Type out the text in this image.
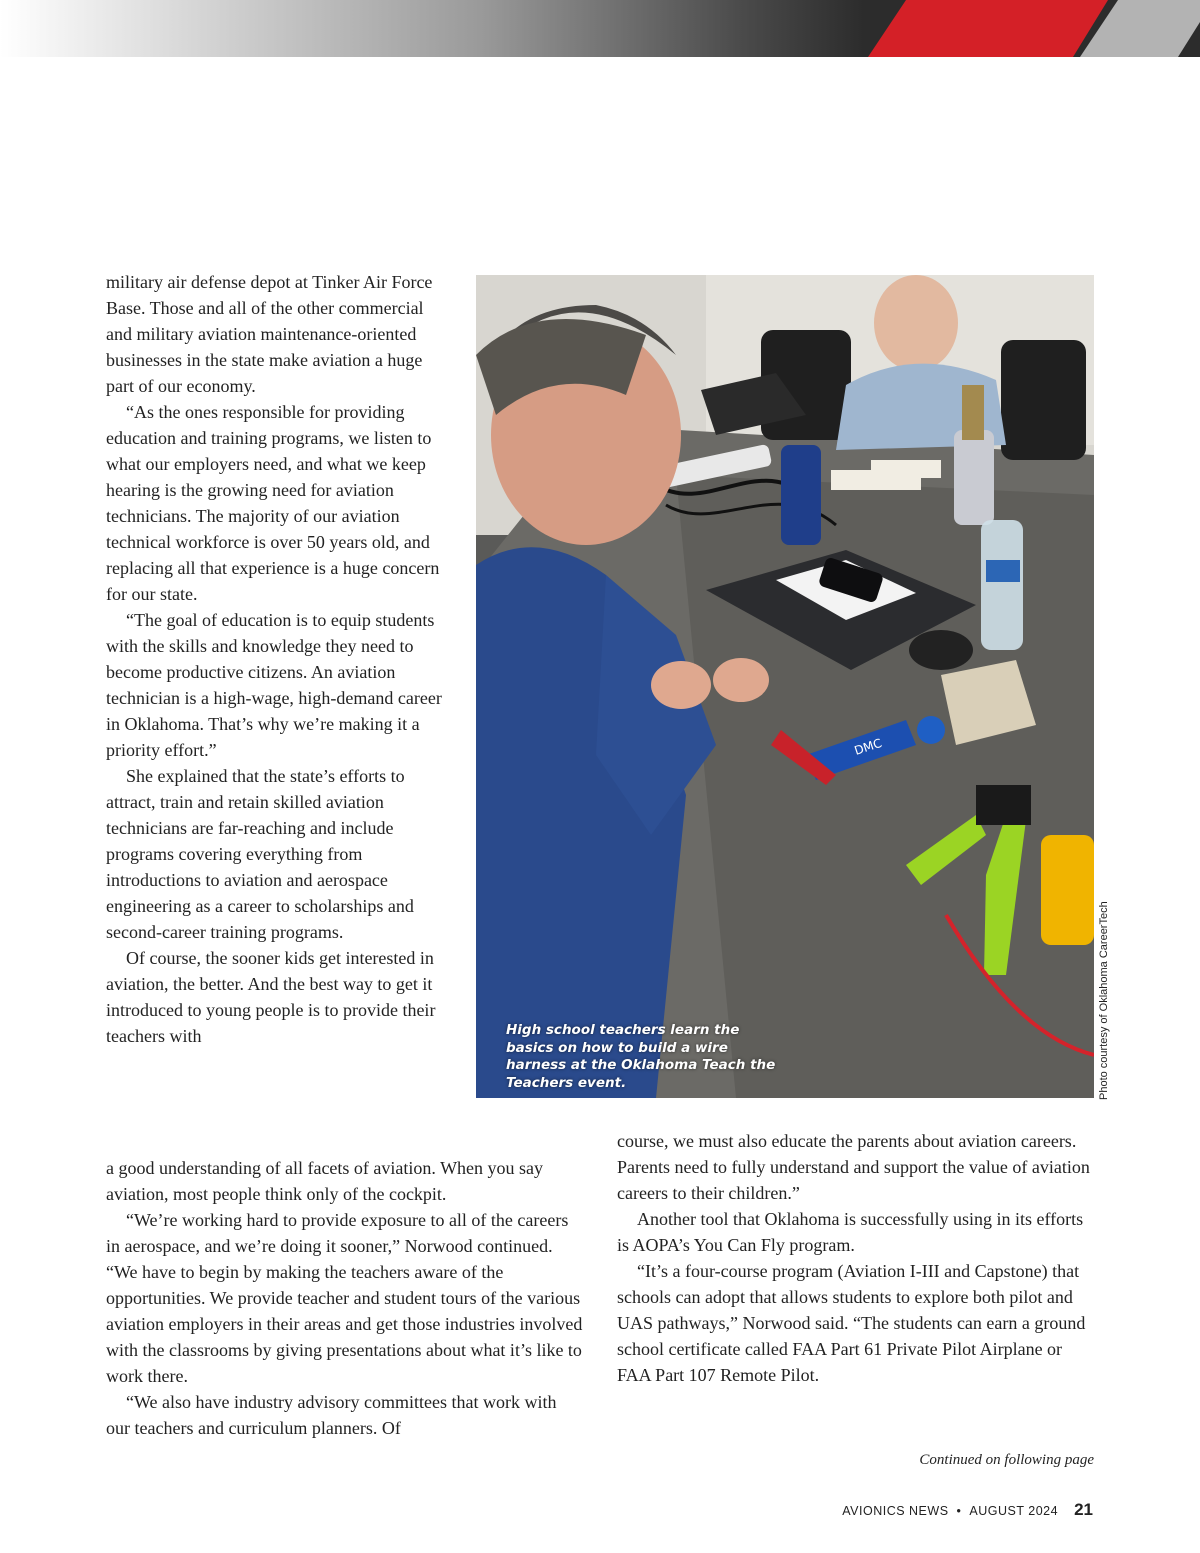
military air defense depot at Tinker Air Force Base. Those and all of the other commercial and military aviation maintenance-oriented businesses in the state make aviation a huge part of our economy.

“As the ones responsible for providing education and training programs, we listen to what our employers need, and what we keep hearing is the growing need for aviation technicians. The majority of our aviation technical workforce is over 50 years old, and replacing all that experience is a huge concern for our state.

“The goal of education is to equip students with the skills and knowledge they need to become productive citizens. An aviation technician is a high-wage, high-demand career in Oklahoma. That’s why we’re making it a priority effort.”

She explained that the state’s efforts to attract, train and retain skilled aviation technicians are far-reaching and include programs covering everything from introductions to aviation and aerospace engineering as a career to scholarships and second-career training programs.

Of course, the sooner kids get interested in aviation, the better. And the best way to get it introduced to young people is to provide their teachers with

a good understanding of all facets of aviation. When you say aviation, most people think only of the cockpit.

“We’re working hard to provide exposure to all of the careers in aerospace, and we’re doing it sooner,” Norwood continued. “We have to begin by making the teachers aware of the opportunities. We provide teacher and student tours of the various aviation employers in their areas and get those industries involved with the classrooms by giving presentations about what it’s like to work there.

“We also have industry advisory committees that work with our teachers and curriculum planners. Of

DMC
High school teachers learn the basics on how to build a wire harness at the Oklahoma Teach the Teachers event.	Photo courtesy of Oklahoma CareerTech

course, we must also educate the parents about aviation careers. Parents need to fully understand and support the value of aviation careers to their children.”

Another tool that Oklahoma is successfully using in its efforts is AOPA’s You Can Fly program.

“It’s a four-course program (Aviation I-III and Capstone) that schools can adopt that allows students to explore both pilot and UAS pathways,” Norwood said. “The students can earn a ground school certificate called FAA Part 61 Private Pilot Airplane or FAA Part 107 Remote Pilot.

Continued on following page
AVIONICS NEWS • AUGUST 2024 21
